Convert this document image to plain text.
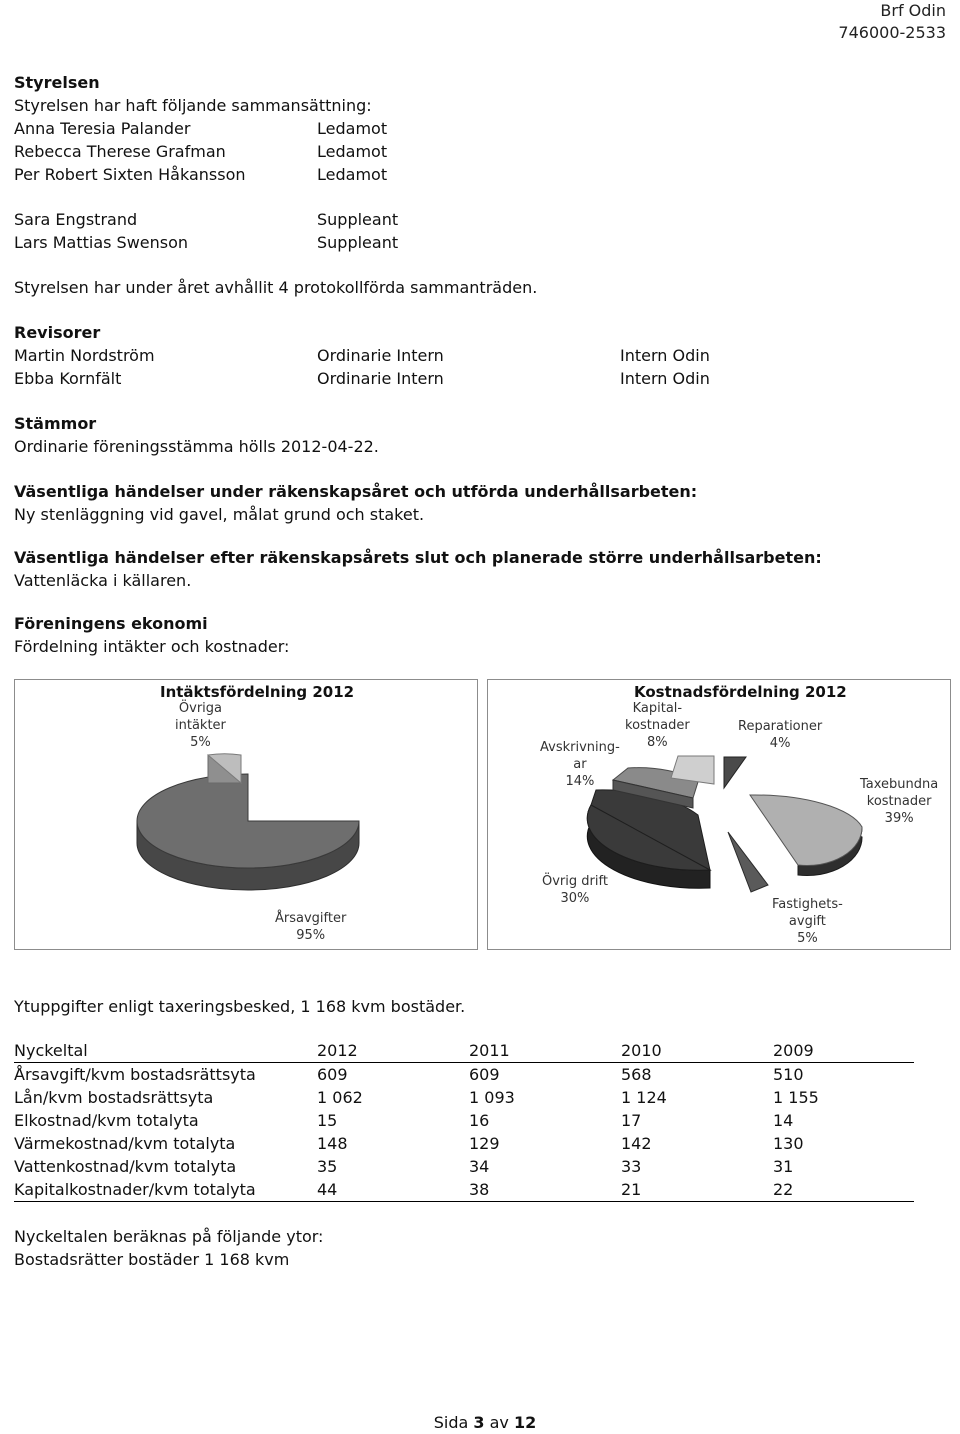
Brf Odin
746000-2533
Styrelsen
Styrelsen har haft följande sammansättning:
Anna Teresia Palander	Ledamot
Rebecca Therese Grafman	Ledamot
Per Robert Sixten Håkansson	Ledamot
Sara Engstrand	Suppleant
Lars Mattias Swenson	Suppleant
Styrelsen har under året avhållit 4 protokollförda sammanträden.
Revisorer
Martin Nordström	Ordinarie Intern	Intern Odin
Ebba Kornfält	Ordinarie Intern	Intern Odin
Stämmor
Ordinarie föreningsstämma hölls 2012-04-22.
Väsentliga händelser under räkenskapsåret och utförda underhållsarbeten:
Ny stenläggning vid gavel, målat grund och staket.
Väsentliga händelser efter räkenskapsårets slut och planerade större underhållsarbeten:
Vattenläcka i källaren.
Föreningens ekonomi
Fördelning intäkter och kostnader:
Intäktsfördelning 2012
Övriga
intäkter
5%
Årsavgifter
95%
Kostnadsfördelning 2012
Kapital-
kostnader
8%
Reparationer
4%
Avskrivning-
ar
14%	Taxebundna
kostnader
39%
Övrig drift
30%	Fastighets-
avgift
5%
Ytuppgifter enligt taxeringsbesked, 1 168 kvm bostäder.
Nyckeltal	2012	2011	2010	2009
Årsavgift/kvm bostadsrättsyta	609	609	568	510
Lån/kvm bostadsrättsyta	1 062	1 093	1 124	1 155
Elkostnad/kvm totalyta	15	16	17	14
Värmekostnad/kvm totalyta	148	129	142	130
Vattenkostnad/kvm totalyta	35	34	33	31
Kapitalkostnader/kvm totalyta	44	38	21	22
Nyckeltalen beräknas på följande ytor:
Bostadsrätter bostäder 1 168 kvm
Sida 3 av 12
